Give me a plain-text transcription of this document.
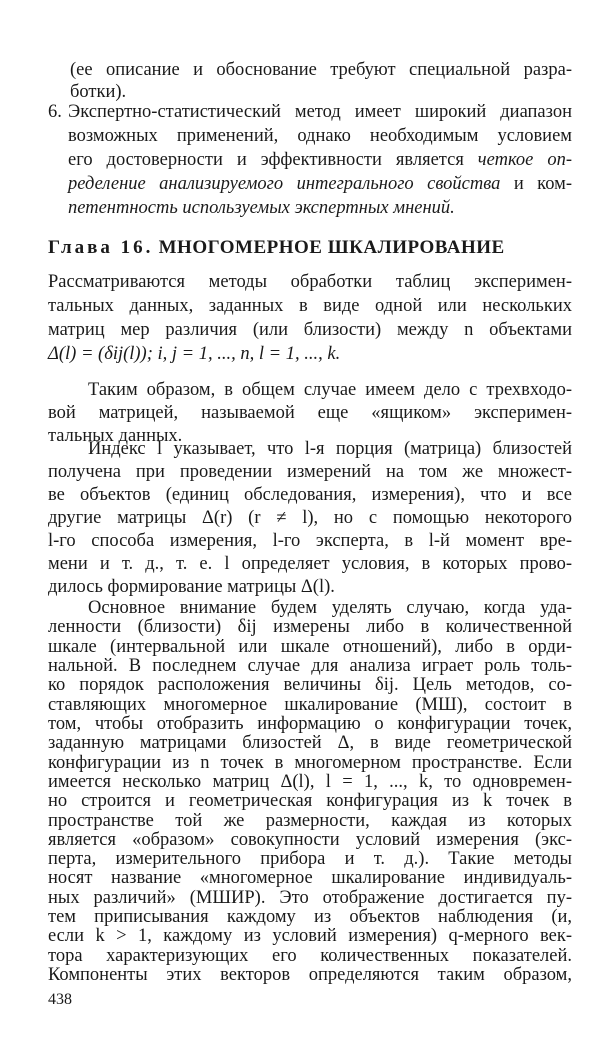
(ее описание и обоснование требуют специальной разра-
ботки).
6. Экспертно-статистический метод имеет широкий диапазон
возможных применений, однако необходимым условием
его достоверности и эффективности является четкое оп-
ределение анализируемого интегрального свойства и ком-
петентность используемых экспертных мнений.
Глава 16. МНОГОМЕРНОЕ ШКАЛИРОВАНИЕ
Рассматриваются методы обработки таблиц эксперимен-
тальных данных, заданных в виде одной или нескольких
матриц мер различия (или близости) между n объектами
Δ(l) = (δij(l)); i, j = 1, ..., n, l = 1, ..., k.
Таким образом, в общем случае имеем дело с трехвходо-
вой матрицей, называемой еще «ящиком» эксперимен-
тальных данных.
Индекс l указывает, что l-я порция (матрица) близостей
получена при проведении измерений на том же множест-
ве объектов (единиц обследования, измерения), что и все
другие матрицы Δ(r) (r ≠ l), но с помощью некоторого
l-го способа измерения, l-го эксперта, в l-й момент вре-
мени и т. д., т. е. l определяет условия, в которых прово-
дилось формирование матрицы Δ(l).
438
Основное внимание будем уделять случаю, когда уда-
ленности (близости) δij измерены либо в количественной
шкале (интервальной или шкале отношений), либо в орди-
нальной. В последнем случае для анализа играет роль толь-
ко порядок расположения величины δij. Цель методов, со-
ставляющих многомерное шкалирование (МШ), состоит в
том, чтобы отобразить информацию о конфигурации точек,
заданную матрицами близостей Δ, в виде геометрической
конфигурации из n точек в многомерном пространстве. Если
имеется несколько матриц Δ(l), l = 1, ..., k, то одновремен-
но строится и геометрическая конфигурация из k точек в
пространстве той же размерности, каждая из которых
является «образом» совокупности условий измерения (экс-
перта, измерительного прибора и т. д.). Такие методы
носят название «многомерное шкалирование индивидуаль-
ных различий» (МШИР). Это отображение достигается пу-
тем приписывания каждому из объектов наблюдения (и,
если k > 1, каждому из условий измерения) q-мерного век-
тора характеризующих его количественных показателей.
Компоненты этих векторов определяются таким образом,
